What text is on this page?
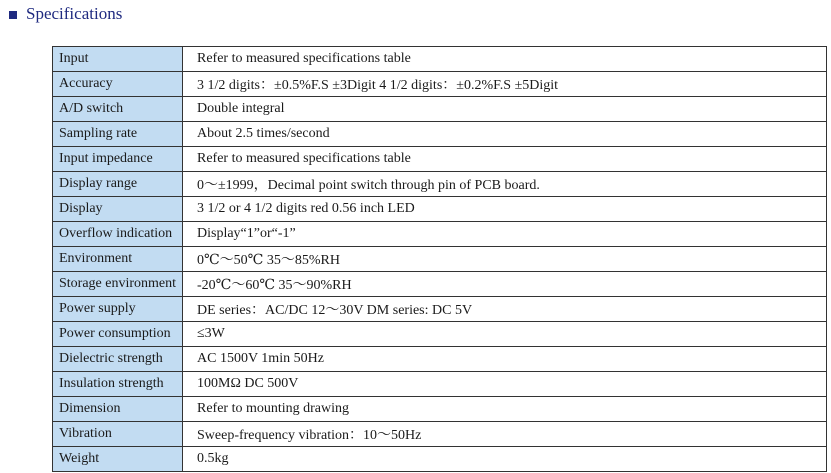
Specifications
Input	Refer to measured specifications table
Accuracy	3 1/2 digits：±0.5%F.S ±3Digit 4 1/2 digits：±0.2%F.S ±5Digit
A/D switch	Double integral
Sampling rate	About 2.5 times/second
Input impedance	Refer to measured specifications table
Display range	0～±1999，Decimal point switch through pin of PCB board.
Display	3 1/2 or 4 1/2 digits red 0.56 inch LED
Overflow indication	Display“1”or“-1”
Environment	0℃～50℃ 35～85%RH
Storage environment	-20℃～60℃ 35～90%RH
Power supply	DE series：AC/DC 12～30V DM series: DC 5V
Power consumption	≤3W
Dielectric strength	AC 1500V 1min 50Hz
Insulation strength	100MΩ DC 500V
Dimension	Refer to mounting drawing
Vibration	Sweep-frequency vibration：10～50Hz
Weight	0.5kg
